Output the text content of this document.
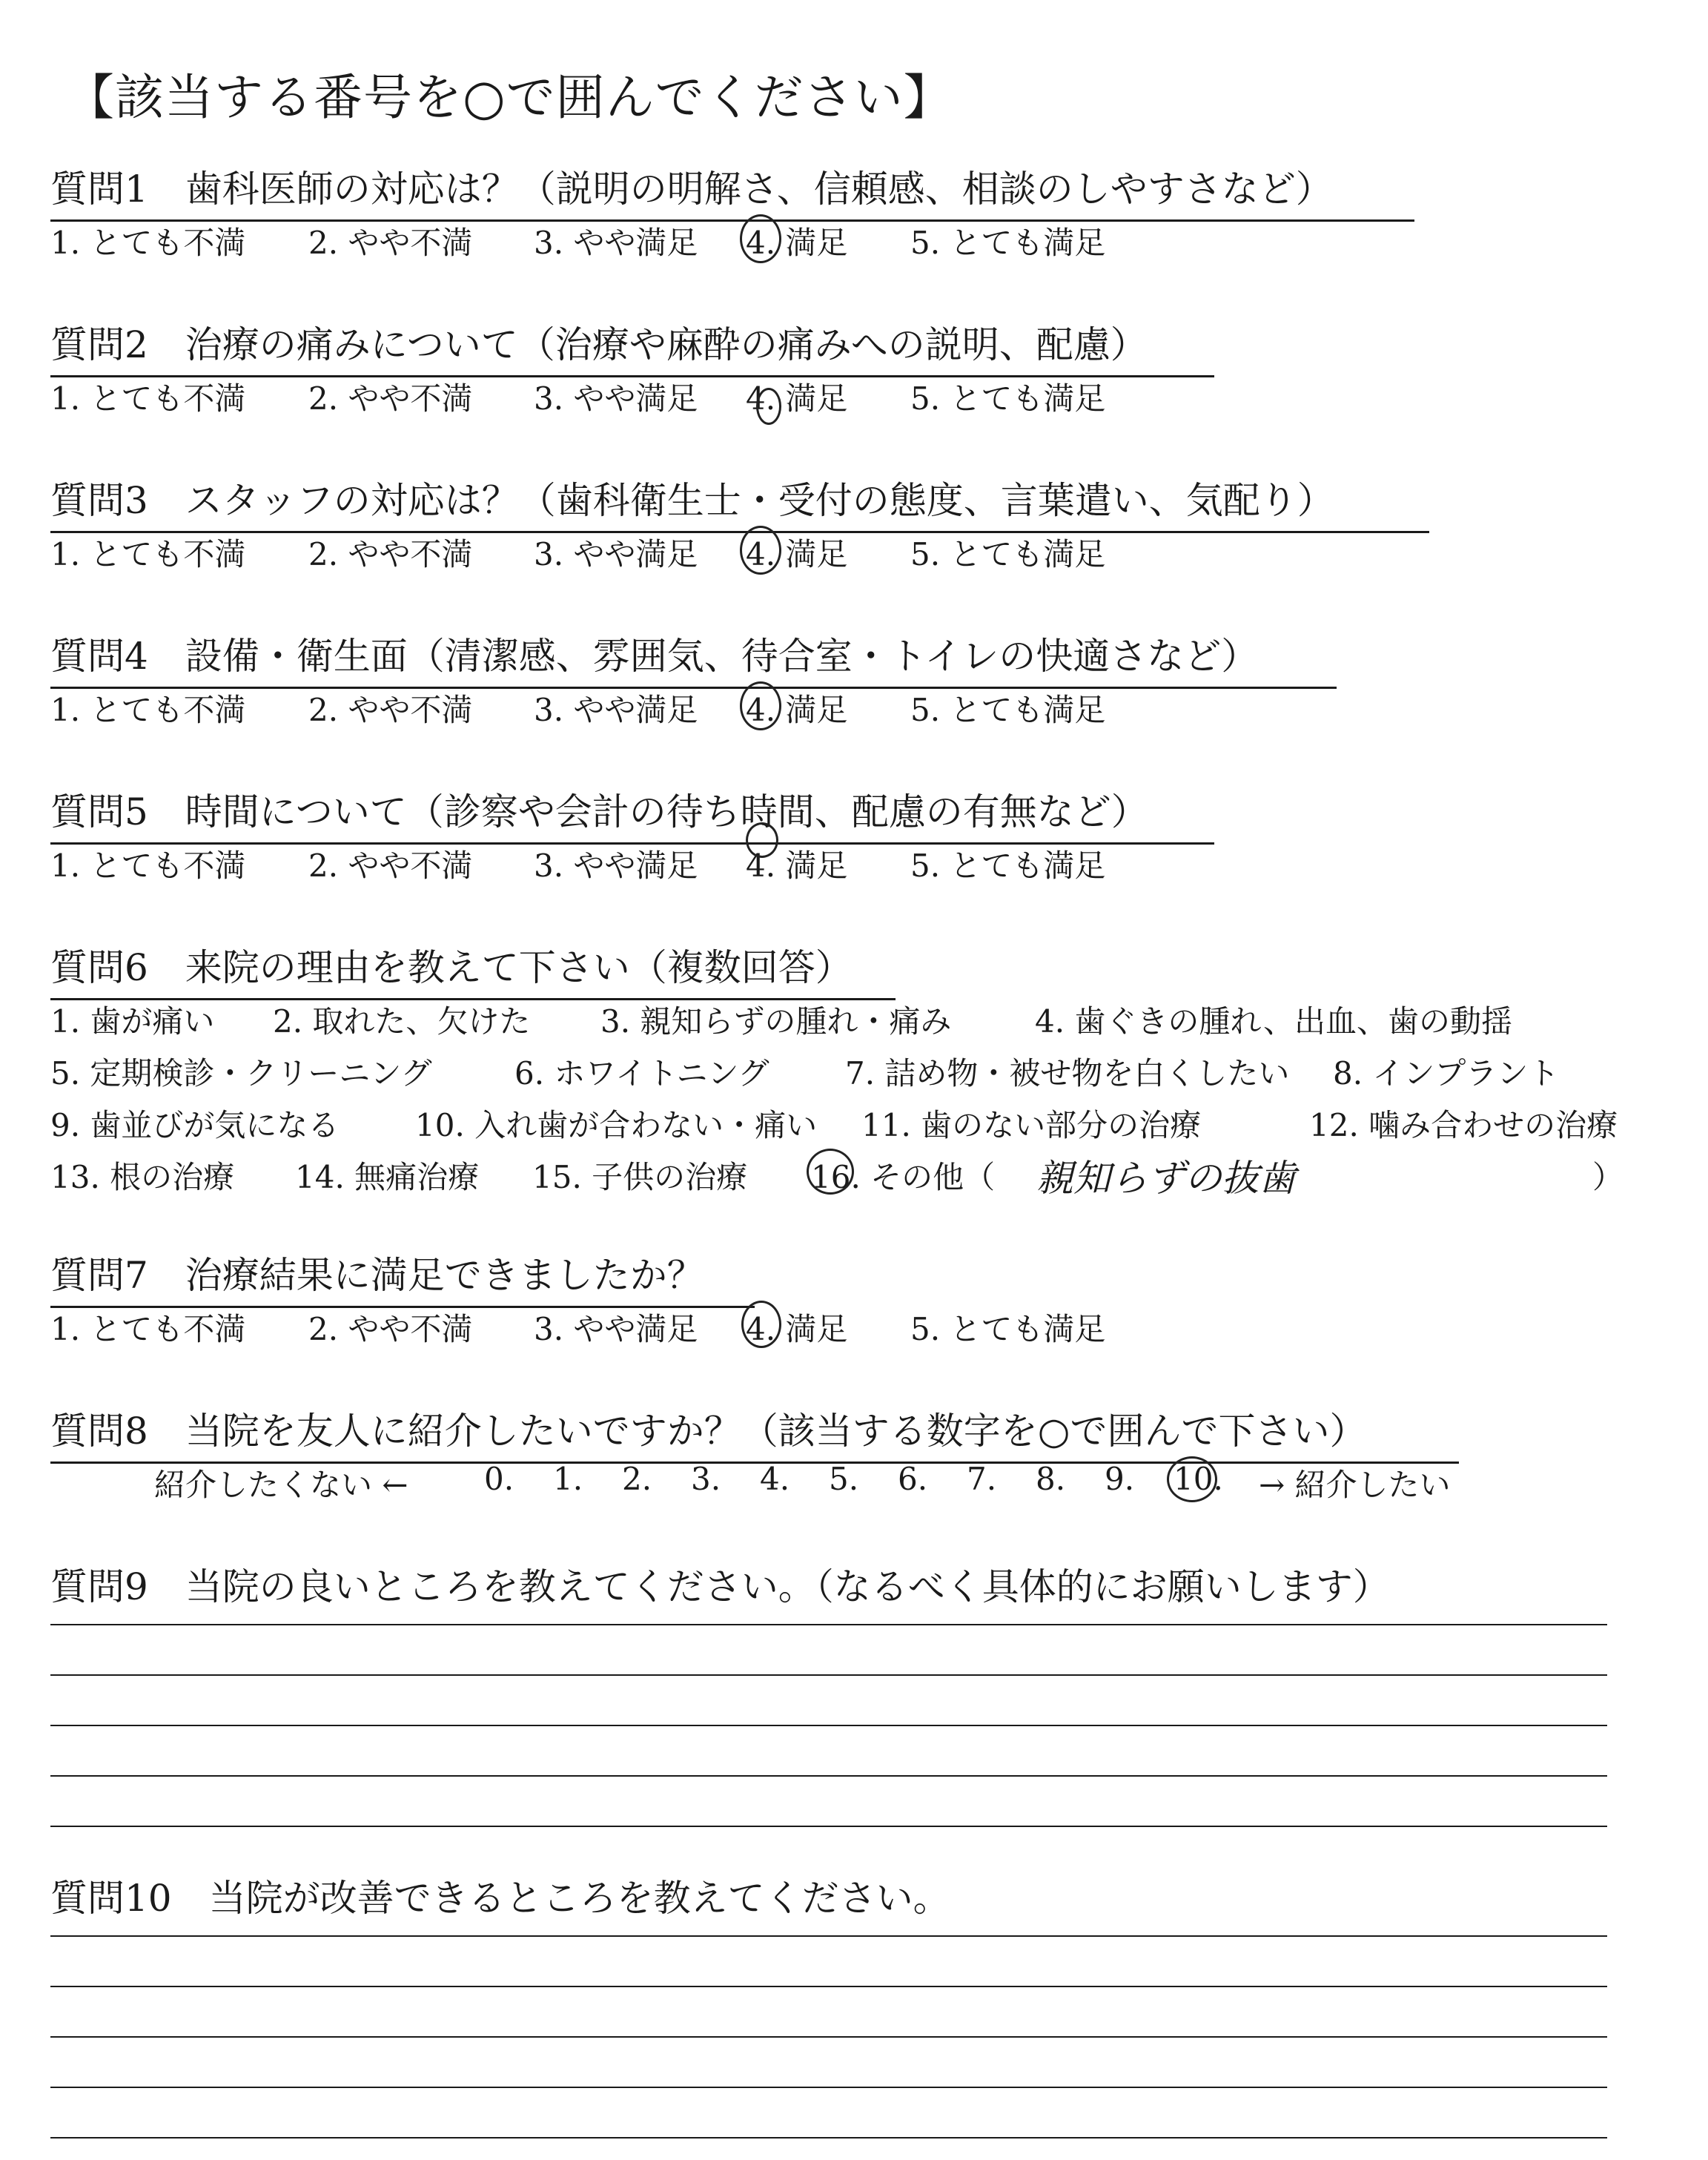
【該当する番号を○で囲んでください】
質問1　歯科医師の対応は？（説明の明解さ、信頼感、相談のしやすさなど）
1. とても不満 2. やや不満 3. やや満足 4. 満足 5. とても満足
質問2　治療の痛みについて（治療や麻酔の痛みへの説明、配慮）
1. とても不満 2. やや不満 3. やや満足 4. 満足 5. とても満足
質問3　スタッフの対応は？（歯科衛生士・受付の態度、言葉遣い、気配り）
1. とても不満 2. やや不満 3. やや満足 4. 満足 5. とても満足
質問4　設備・衛生面（清潔感、雰囲気、待合室・トイレの快適さなど）
1. とても不満 2. やや不満 3. やや満足 4. 満足 5. とても満足
質問5　時間について（診察や会計の待ち時間、配慮の有無など）
1. とても不満 2. やや不満 3. やや満足 4. 満足 5. とても満足
質問6　来院の理由を教えて下さい（複数回答）
1. 歯が痛い 2. 取れた、欠けた 3. 親知らずの腫れ・痛み	4. 歯ぐきの腫れ、出血、歯の動揺
5. 定期検診・クリーニング	6. ホワイトニング 7. 詰め物・被せ物を白くしたい 8. インプラント
9. 歯並びが気になる 10. 入れ歯が合わない・痛い 11. 歯のない部分の治療	12. 噛み合わせの治療
13. 根の治療 14. 無痛治療 15. 子供の治療 16. その他（ 親知らずの抜歯	）
質問7　治療結果に満足できましたか？
1. とても不満 2. やや不満 3. やや満足 4. 満足 5. とても満足
質問8　当院を友人に紹介したいですか？（該当する数字を○で囲んで下さい）
紹介したくない ← 0. 1. 2. 3. 4. 5. 6. 7. 8. 9. 10. → 紹介したい
質問9　当院の良いところを教えてください。（なるべく具体的にお願いします）
質問10　当院が改善できるところを教えてください。
